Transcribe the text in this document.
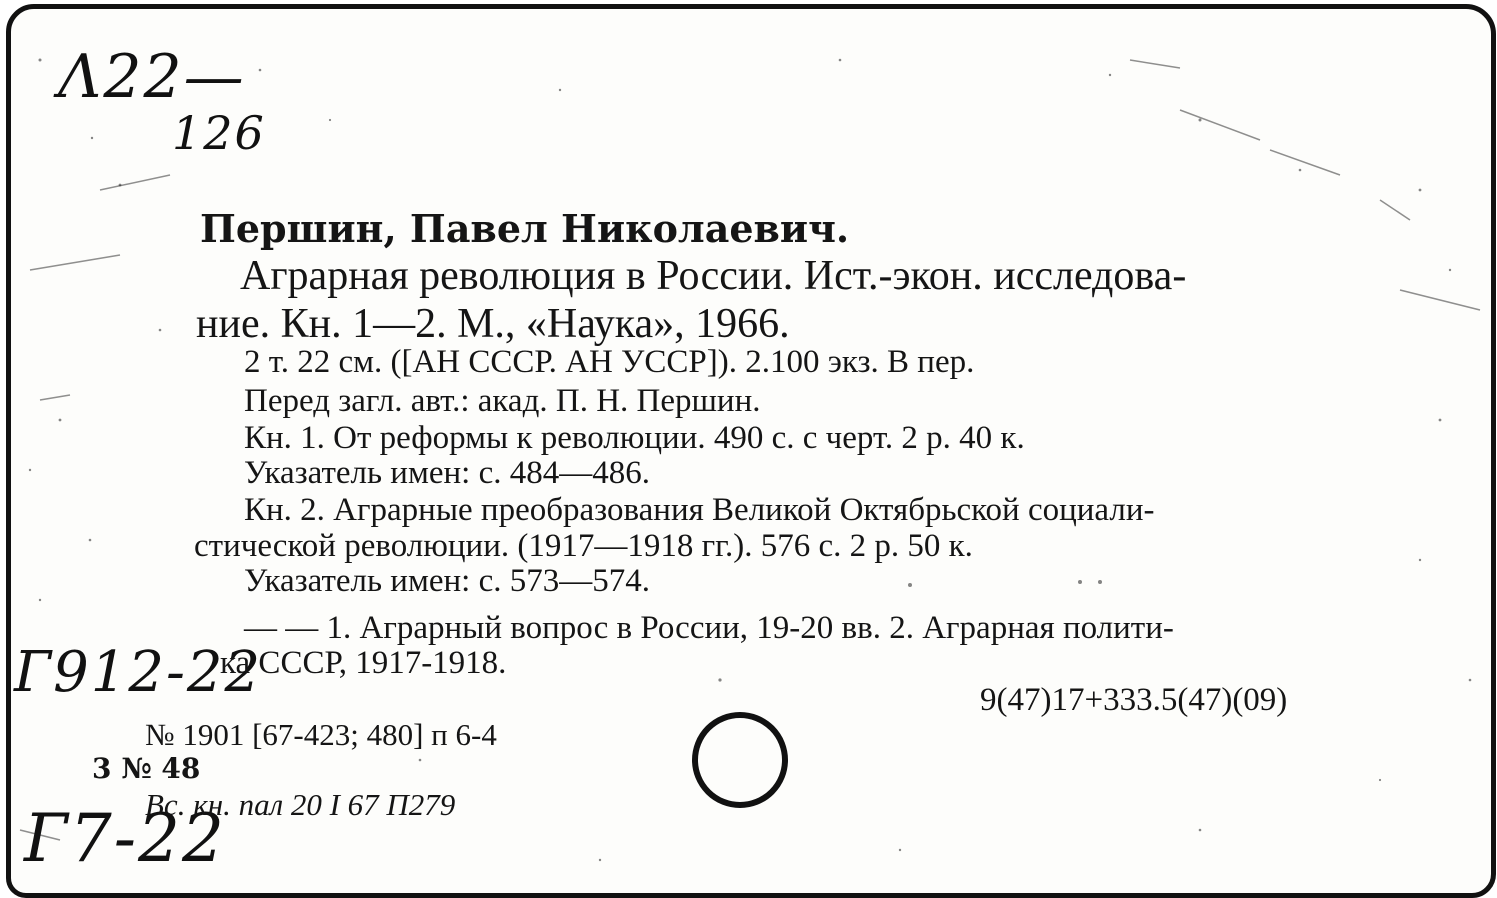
Λ22—
126
Г912-22
Г7-22
Першин, Павел Николаевич.
Аграрная революция в России. Ист.-экон. исследова-
ние. Кн. 1—2. М., «Наука», 1966.
2 т. 22 см. ([АН СССР. АН УССР]). 2.100 экз. В пер.
Перед загл. авт.: акад. П. Н. Першин.
Кн. 1. От реформы к революции. 490 с. с черт. 2 р. 40 к.
Указатель имен: с. 484—486.
Кн. 2. Аграрные преобразования Великой Октябрьской социали-
стической революции. (1917—1918 гг.). 576 с. 2 р. 50 к.
Указатель имен: с. 573—574.
— — 1. Аграрный вопрос в России, 19-20 вв. 2. Аграрная полити-
ка СССР, 1917-1918.
9(47)17+333.5(47)(09)
№ 1901 [67-423; 480] п 6-4
3 № 48
Вс. кн. пал 20 I 67 П279
